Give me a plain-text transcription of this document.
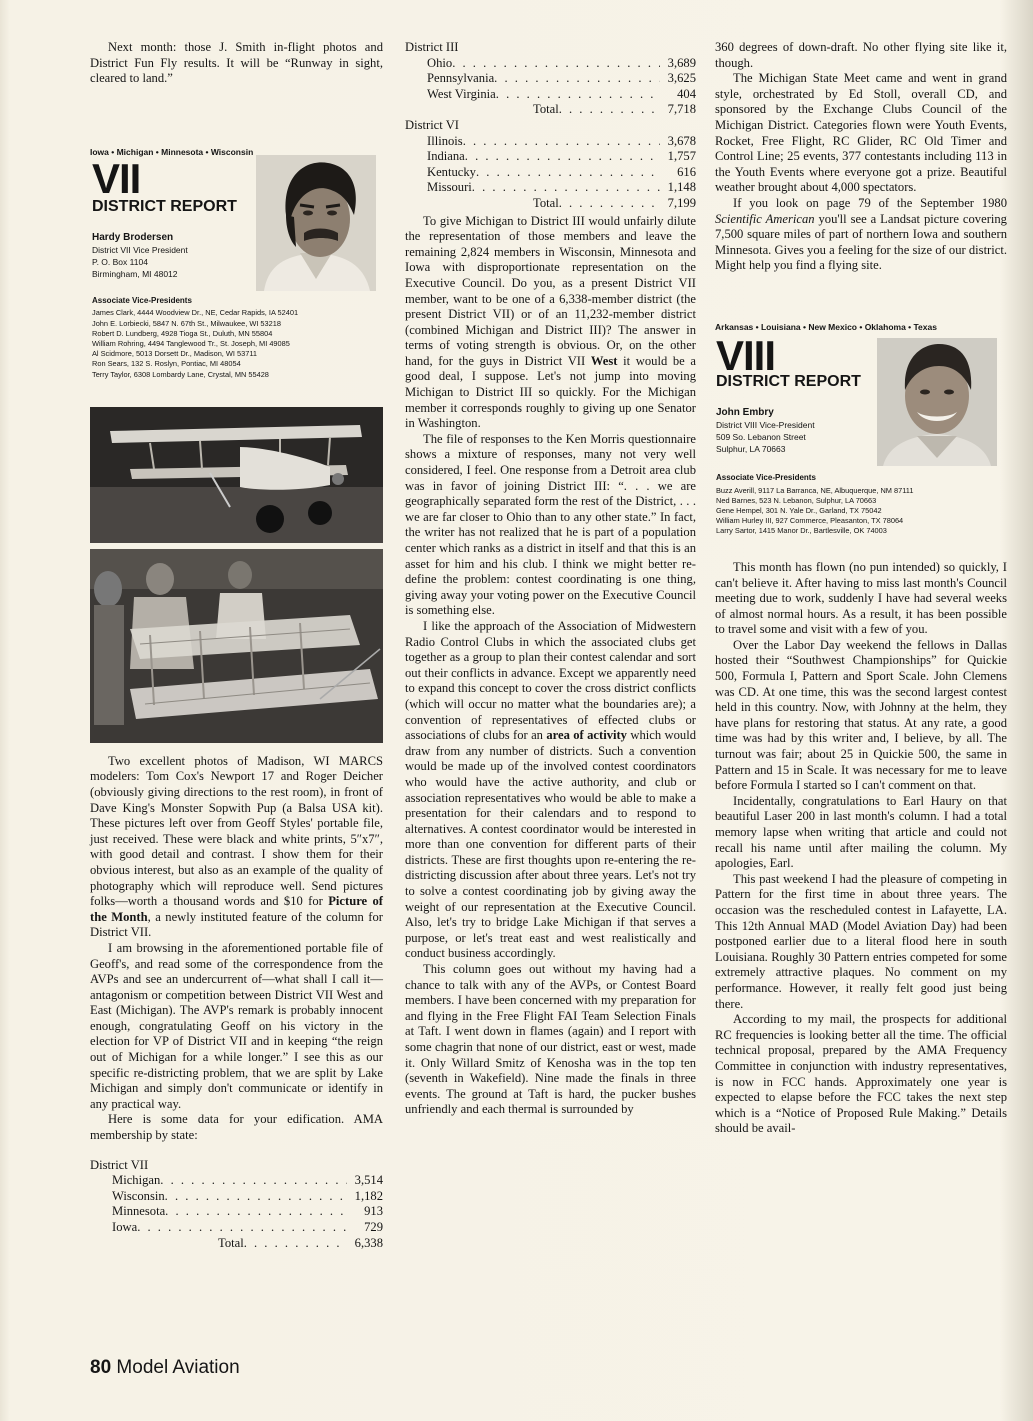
Next month: those J. Smith in-flight photos and District Fun Fly results. It will be “Runway in sight, cleared to land.”

Iowa • Michigan • Minnesota • Wisconsin
VII
DISTRICT REPORT
Hardy Brodersen
District VII Vice President
P. O. Box 1104
Birmingham, MI 48012
Associate Vice-Presidents
James Clark, 4444 Woodview Dr., NE, Cedar Rapids, IA 52401
John E. Lorbiecki, 5847 N. 67th St., Milwaukee, WI 53218
Robert D. Lundberg, 4928 Tioga St., Duluth, MN 55804
William Rohring, 4494 Tanglewood Tr., St. Joseph, MI 49085
Al Scidmore, 5013 Dorsett Dr., Madison, WI 53711
Ron Sears, 132 S. Roslyn, Pontiac, MI 48054
Terry Taylor, 6308 Lombardy Lane, Crystal, MN 55428

Two excellent photos of Madison, WI MARCS modelers: Tom Cox's Newport 17 and Roger Deicher (obviously giving directions to the rest room), in front of Dave King's Monster Sopwith Pup (a Balsa USA kit). These pictures left over from Geoff Styles' portable file, just received. These were black and white prints, 5″x7″, with good detail and contrast. I show them for their obvious interest, but also as an example of the quality of photography which will reproduce well. Send pictures folks—worth a thousand words and $10 for Picture of the Month, a newly instituted feature of the column for District VII.

I am browsing in the aforementioned portable file of Geoff's, and read some of the correspondence from the AVPs and see an undercurrent of—what shall I call it—antagonism or competition between District VII West and East (Michigan). The AVP's remark is probably innocent enough, congratulating Geoff on his victory in the election for VP of District VII and in keeping “the reign out of Michigan for a while longer.” I see this as our specific re-districting problem, that we are split by Lake Michigan and simply don't communicate or identify in any practical way.

Here is some data for your edification. AMA membership by state:

District VII
Michigan . . .	3,514
Wisconsin . . .	1,182
Minnesota . . .	913
Iowa . . .	729
Total . . .	6,338
District III
Ohio . . .	3,689
Pennsylvania . . .	3,625
West Virginia . . .	404
Total . . .	7,718
District VI
Illinois . . .	3,678
Indiana . . .	1,757
Kentucky . . .	616
Missouri . . .	1,148
Total . . .	7,199

To give Michigan to District III would unfairly dilute the representation of those members and leave the remaining 2,824 members in Wisconsin, Minnesota and Iowa with disproportionate representation on the Executive Council. Do you, as a present District VII member, want to be one of a 6,338-member district (the present District VII) or of an 11,232-member district (combined Michigan and District III)? The answer in terms of voting strength is obvious. Or, on the other hand, for the guys in District VII West it would be a good deal, I suppose. Let's not jump into moving Michigan to District III so quickly. For the Michigan member it corresponds roughly to giving up one Senator in Washington.

The file of responses to the Ken Morris questionnaire shows a mixture of responses, many not very well considered, I feel. One response from a Detroit area club was in favor of joining District III: “. . . we are geographically separated form the rest of the District, . . . we are far closer to Ohio than to any other state.” In fact, the writer has not realized that he is part of a population center which ranks as a district in itself and that this is an asset for him and his club. I think we might better re-define the problem: contest coordinating is one thing, giving away your voting power on the Executive Council is something else.

I like the approach of the Association of Midwestern Radio Control Clubs in which the associated clubs get together as a group to plan their contest calendar and sort out their conflicts in advance. Except we apparently need to expand this concept to cover the cross district conflicts (which will occur no matter what the boundaries are); a convention of representatives of effected clubs or associations of clubs for an area of activity which would draw from any number of districts. Such a convention would be made up of the involved contest coordinators who would have the active authority, and club or association representatives who would be able to make a presentation for their calendars and to respond to alternatives. A contest coordinator would be interested in more than one convention for different parts of their districts. These are first thoughts upon re-entering the re-districting discussion after about three years. Let's not try to solve a contest coordinating job by giving away the weight of our representation at the Executive Council. Also, let's try to bridge Lake Michigan if that serves a purpose, or let's treat east and west realistically and conduct business accordingly.

This column goes out without my having had a chance to talk with any of the AVPs, or Contest Board members. I have been concerned with my preparation for and flying in the Free Flight FAI Team Selection Finals at Taft. I went down in flames (again) and I report with some chagrin that none of our district, east or west, made it. Only Willard Smitz of Kenosha was in the top ten (seventh in Wakefield). Nine made the finals in three events. The ground at Taft is hard, the pucker bushes unfriendly and each thermal is surrounded by

360 degrees of down-draft. No other flying site like it, though.

The Michigan State Meet came and went in grand style, orchestrated by Ed Stoll, overall CD, and sponsored by the Exchange Clubs Council of the Michigan District. Categories flown were Youth Events, Rocket, Free Flight, RC Glider, RC Old Timer and Control Line; 25 events, 377 contestants including 113 in the Youth Events where everyone got a prize. Beautiful weather brought about 4,000 spectators.

If you look on page 79 of the September 1980 Scientific American you'll see a Landsat picture covering 7,500 square miles of part of northern Iowa and southern Minnesota. Gives you a feeling for the size of our district. Might help you find a flying site.

Arkansas • Louisiana • New Mexico • Oklahoma • Texas
VIII
DISTRICT REPORT
John Embry
District VIII Vice-President
509 So. Lebanon Street
Sulphur, LA 70663
Associate Vice-Presidents
Buzz Averill, 9117 La Barranca, NE, Albuquerque, NM 87111
Ned Barnes, 523 N. Lebanon, Sulphur, LA 70663
Gene Hempel, 301 N. Yale Dr., Garland, TX 75042
William Hurley III, 927 Commerce, Pleasanton, TX 78064
Larry Sartor, 1415 Manor Dr., Bartlesville, OK 74003

This month has flown (no pun intended) so quickly, I can't believe it. After having to miss last month's Council meeting due to work, suddenly I have had several weeks of almost normal hours. As a result, it has been possible to travel some and visit with a few of you.

Over the Labor Day weekend the fellows in Dallas hosted their “Southwest Championships” for Quickie 500, Formula I, Pattern and Sport Scale. John Clemens was CD. At one time, this was the second largest contest held in this country. Now, with Johnny at the helm, they have plans for restoring that status. At any rate, a good time was had by this writer and, I believe, by all. The turnout was fair; about 25 in Quickie 500, the same in Pattern and 15 in Scale. It was necessary for me to leave before Formula I started so I can't comment on that.

Incidentally, congratulations to Earl Haury on that beautiful Laser 200 in last month's column. I had a total memory lapse when writing that article and could not recall his name until after mailing the column. My apologies, Earl.

This past weekend I had the pleasure of competing in Pattern for the first time in about three years. The occasion was the rescheduled contest in Lafayette, LA. This 12th Annual MAD (Model Aviation Day) had been postponed earlier due to a literal flood here in south Louisiana. Roughly 30 Pattern entries competed for some extremely attractive plaques. No comment on my performance. However, it really felt good just being there.

According to my mail, the prospects for additional RC frequencies is looking better all the time. The official technical proposal, prepared by the AMA Frequency Committee in conjunction with industry representatives, is now in FCC hands. Approximately one year is expected to elapse before the FCC takes the next step which is a “Notice of Proposed Rule Making.” Details should be avail-

80 Model Aviation
